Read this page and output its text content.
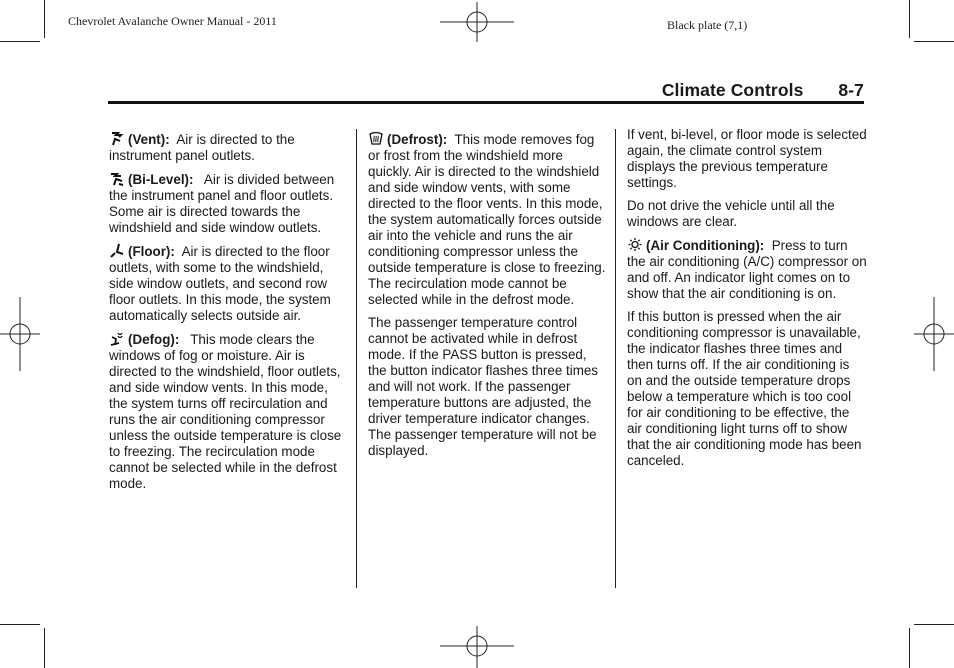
Chevrolet Avalanche Owner Manual - 2011	Black plate (7,1)
Climate Controls 8-7

(Vent): Air is directed to the instrument panel outlets.

(Bi-Level): Air is divided between the instrument panel and floor outlets. Some air is directed towards the windshield and side window outlets.

(Floor): Air is directed to the floor outlets, with some to the windshield, side window outlets, and second row floor outlets. In this mode, the system automatically selects outside air.

(Defog): This mode clears the windows of fog or moisture. Air is directed to the windshield, floor outlets, and side window vents. In this mode, the system turns off recirculation and runs the air conditioning compressor unless the outside temperature is close to freezing. The recirculation mode cannot be selected while in the defrost mode.

(Defrost): This mode removes fog or frost from the windshield more quickly. Air is directed to the windshield and side window vents, with some directed to the floor vents. In this mode, the system automatically forces outside air into the vehicle and runs the air conditioning compressor unless the outside temperature is close to freezing. The recirculation mode cannot be selected while in the defrost mode.

The passenger temperature control cannot be activated while in defrost mode. If the PASS button is pressed, the button indicator flashes three times and will not work. If the passenger temperature buttons are adjusted, the driver temperature indicator changes. The passenger temperature will not be displayed.

If vent, bi-level, or floor mode is selected again, the climate control system displays the previous temperature settings.

Do not drive the vehicle until all the windows are clear.

(Air Conditioning): Press to turn the air conditioning (A/C) compressor on and off. An indicator light comes on to show that the air conditioning is on.

If this button is pressed when the air conditioning compressor is unavailable, the indicator flashes three times and then turns off. If the air conditioning is on and the outside temperature drops below a temperature which is too cool for air conditioning to be effective, the air conditioning light turns off to show that the air conditioning mode has been canceled.
